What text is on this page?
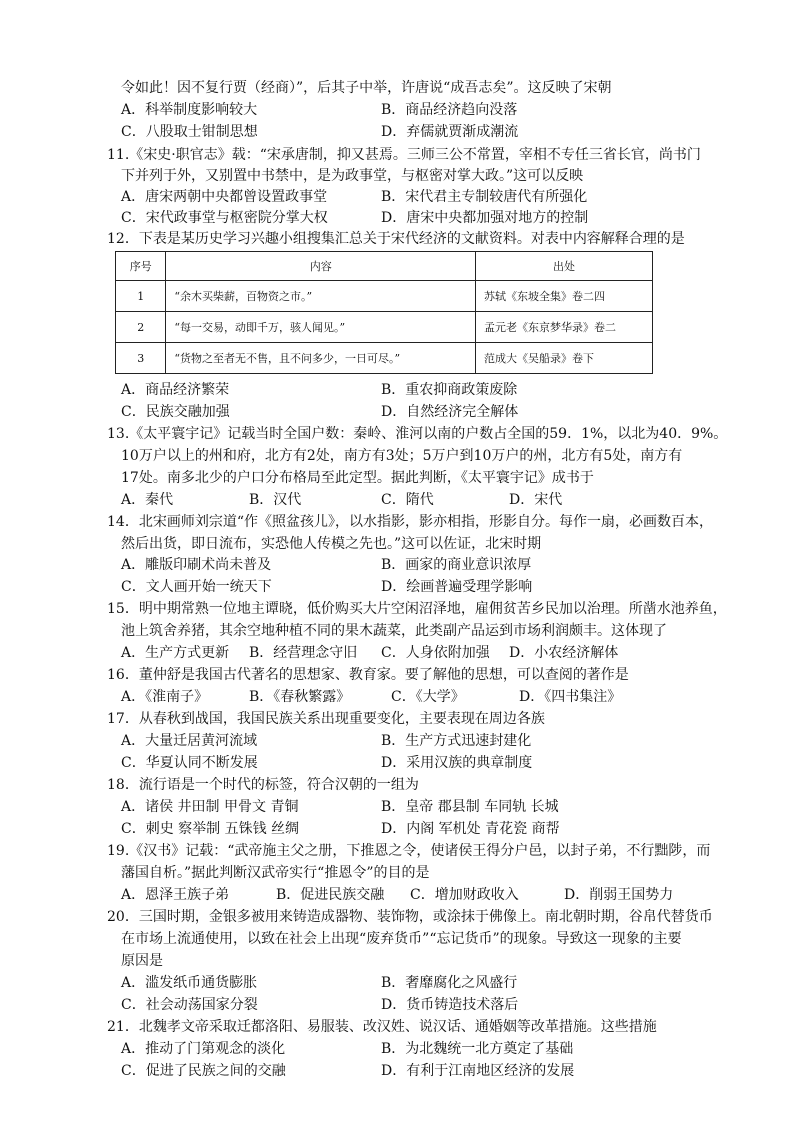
令如此！因不复行贾（经商）”，后其子中举，许唐说“成吾志矣”。这反映了宋朝
A．科举制度影响较大	B．商品经济趋向没落
C．八股取士钳制思想	D．弃儒就贾渐成潮流
11.《宋史·职官志》载：“宋承唐制，抑又甚焉。三师三公不常置，宰相不专任三省长官，尚书门
下并列于外，又别置中书禁中，是为政事堂，与枢密对掌大政。”这可以反映
A．唐宋两朝中央都曾设置政事堂	B．宋代君主专制较唐代有所强化
C．宋代政事堂与枢密院分掌大权	D．唐宋中央都加强对地方的控制
12．下表是某历史学习兴趣小组搜集汇总关于宋代经济的文献资料。对表中内容解释合理的是
序号	内容	出处
1	“余木买柴薪，百物资之市。”	苏轼《东坡全集》卷二四
2	“每一交易，动即千万，骇人闻见。”	孟元老《东京梦华录》卷二
3	“货物之至者无不售，且不问多少，一日可尽。”	范成大《吴船录》卷下
A．商品经济繁荣	B．重农抑商政策废除
C．民族交融加强	D．自然经济完全解体
13.《太平寰宇记》记载当时全国户数：秦岭、淮河以南的户数占全国的59．1%，以北为40．9%。
10万户以上的州和府，北方有2处，南方有3处；5万户到10万户的州，北方有5处，南方有
17处。南多北少的户口分布格局至此定型。据此判断，《太平寰宇记》成书于
A．秦代	B．汉代	C．隋代	D．宋代
14．北宋画师刘宗道“作《照盆孩儿》，以水指影，影亦相指，形影自分。每作一扇，必画数百本，
然后出货，即日流布，实恐他人传模之先也。”这可以佐证，北宋时期
A．雕版印刷术尚未普及	B．画家的商业意识浓厚
C．文人画开始一统天下	D．绘画普遍受理学影响
15．明中期常熟一位地主谭晓，低价购买大片空闲沼泽地，雇佣贫苦乡民加以治理。所凿水池养鱼，
池上筑舍养猪，其余空地种植不同的果木蔬菜，此类副产品运到市场利润颇丰。这体现了
A．生产方式更新 B．经营理念守旧 C．人身依附加强 D．小农经济解体
16．董仲舒是我国古代著名的思想家、教育家。要了解他的思想，可以查阅的著作是
A．《淮南子》	B．《春秋繁露》	C．《大学》	D．《四书集注》
17．从春秋到战国，我国民族关系出现重要变化，主要表现在周边各族
A．大量迁居黄河流域	B．生产方式迅速封建化
C．华夏认同不断发展	D．采用汉族的典章制度
18．流行语是一个时代的标签，符合汉朝的一组为
A．诸侯 井田制 甲骨文 青铜	B．皇帝 郡县制 车同轨 长城
C．刺史 察举制 五铢钱 丝绸	D．内阁 军机处 青花瓷 商帮
19.《汉书》记载：“武帝施主父之册，下推恩之令，使诸侯王得分户邑，以封子弟，不行黜陟，而
藩国自析。”据此判断汉武帝实行“推恩令”的目的是
A．恩泽王族子弟	B．促进民族交融 C．增加财政收入	D．削弱王国势力
20．三国时期，金银多被用来铸造成器物、装饰物，或涂抹于佛像上。南北朝时期，谷帛代替货币
在市场上流通使用，以致在社会上出现“废弃货币”“忘记货币”的现象。导致这一现象的主要
原因是
A．滥发纸币通货膨胀	B．奢靡腐化之风盛行
C．社会动荡国家分裂	D．货币铸造技术落后
21．北魏孝文帝采取迁都洛阳、易服装、改汉姓、说汉话、通婚姻等改革措施。这些措施
A．推动了门第观念的淡化	B．为北魏统一北方奠定了基础
C．促进了民族之间的交融	D．有利于江南地区经济的发展
